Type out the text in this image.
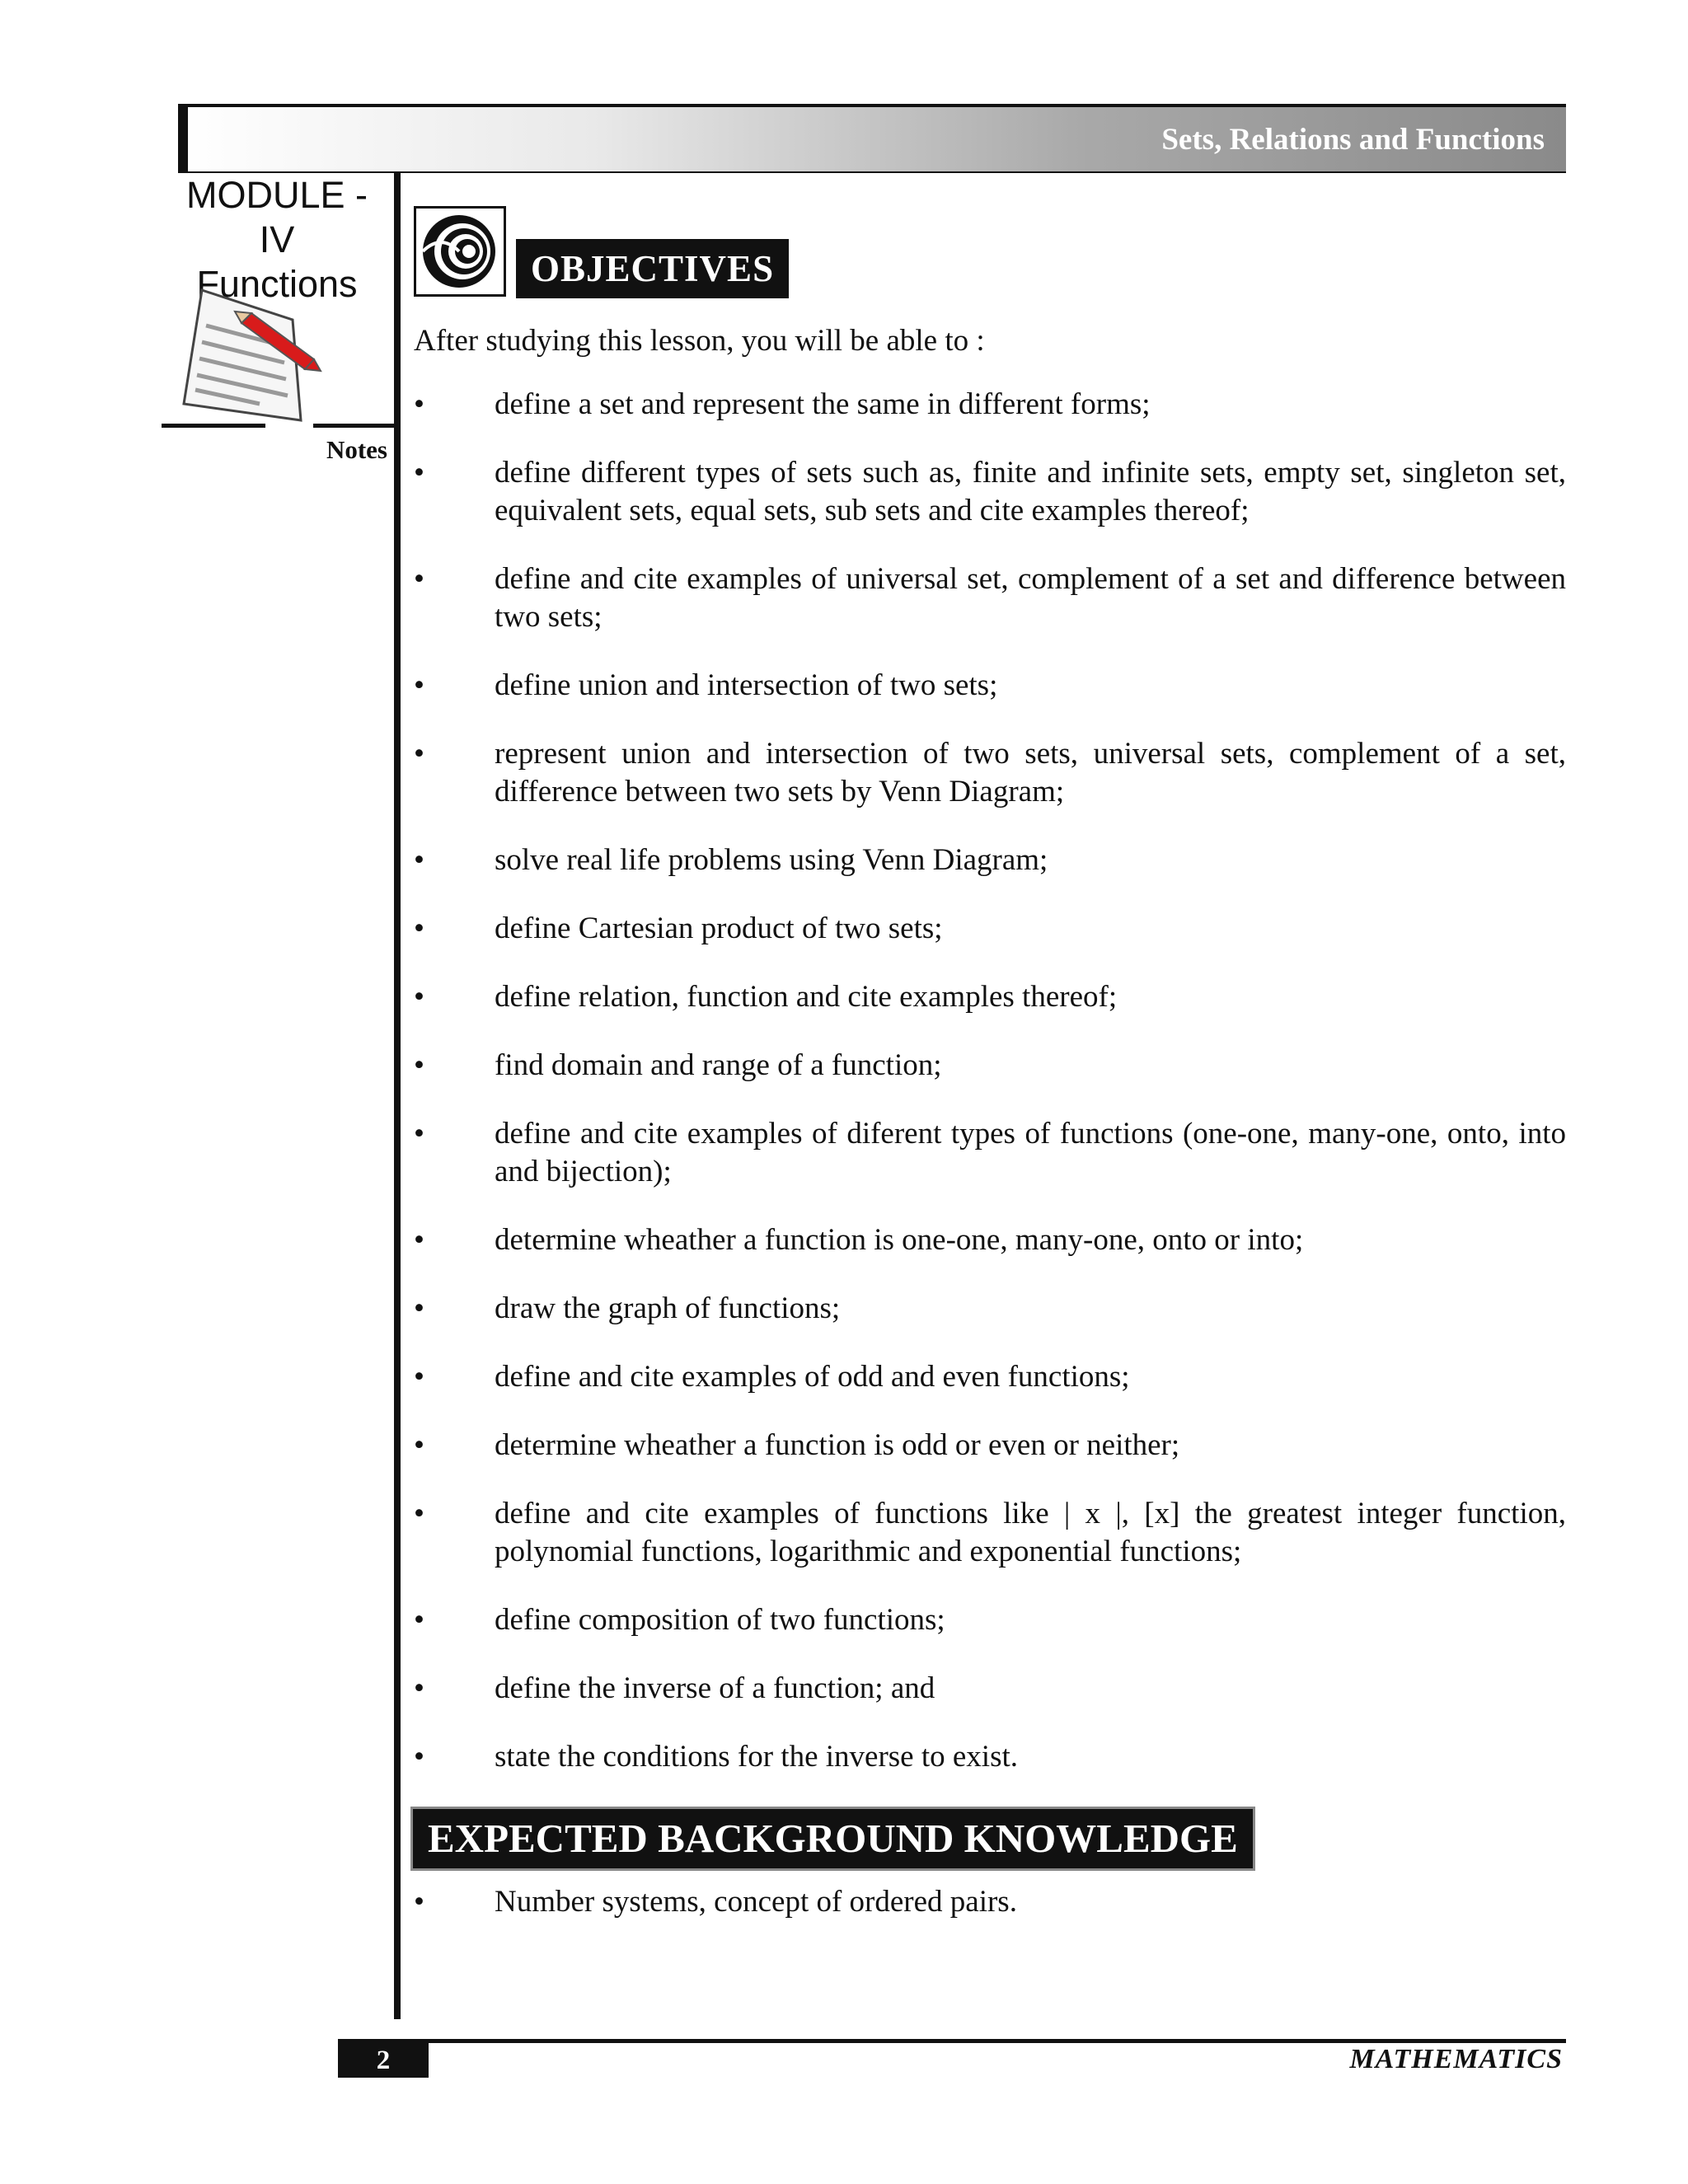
Sets, Relations and Functions
MODULE - IV
Functions
Notes
OBJECTIVES
After studying this lesson, you will be able to :
• define a set and represent the same in different forms;
• define different types of sets such as, finite and infinite sets, empty set, singleton set, equivalent sets, equal sets, sub sets and cite examples thereof;
• define and cite examples of universal set, complement of a set and difference between two sets;
• define union and intersection of two sets;
• represent union and intersection of two sets, universal sets, complement of a set, difference between two sets by Venn Diagram;
• solve real life problems using Venn Diagram;
• define Cartesian product of two sets;
• define relation, function and cite examples thereof;
• find domain and range of a function;
• define and cite examples of diferent types of functions (one-one, many-one, onto, into and bijection);
• determine wheather a function is one-one, many-one, onto or into;
• draw the graph of functions;
• define and cite examples of odd and even functions;
• determine wheather a function is odd or even or neither;
• define and cite examples of functions like | x |, [x] the greatest integer function, polynomial functions, logarithmic and exponential functions;
• define composition of two functions;
• define the inverse of a function; and
• state the conditions for the inverse to exist.
EXPECTED BACKGROUND KNOWLEDGE
• Number systems, concept of ordered pairs.
2	MATHEMATICS
